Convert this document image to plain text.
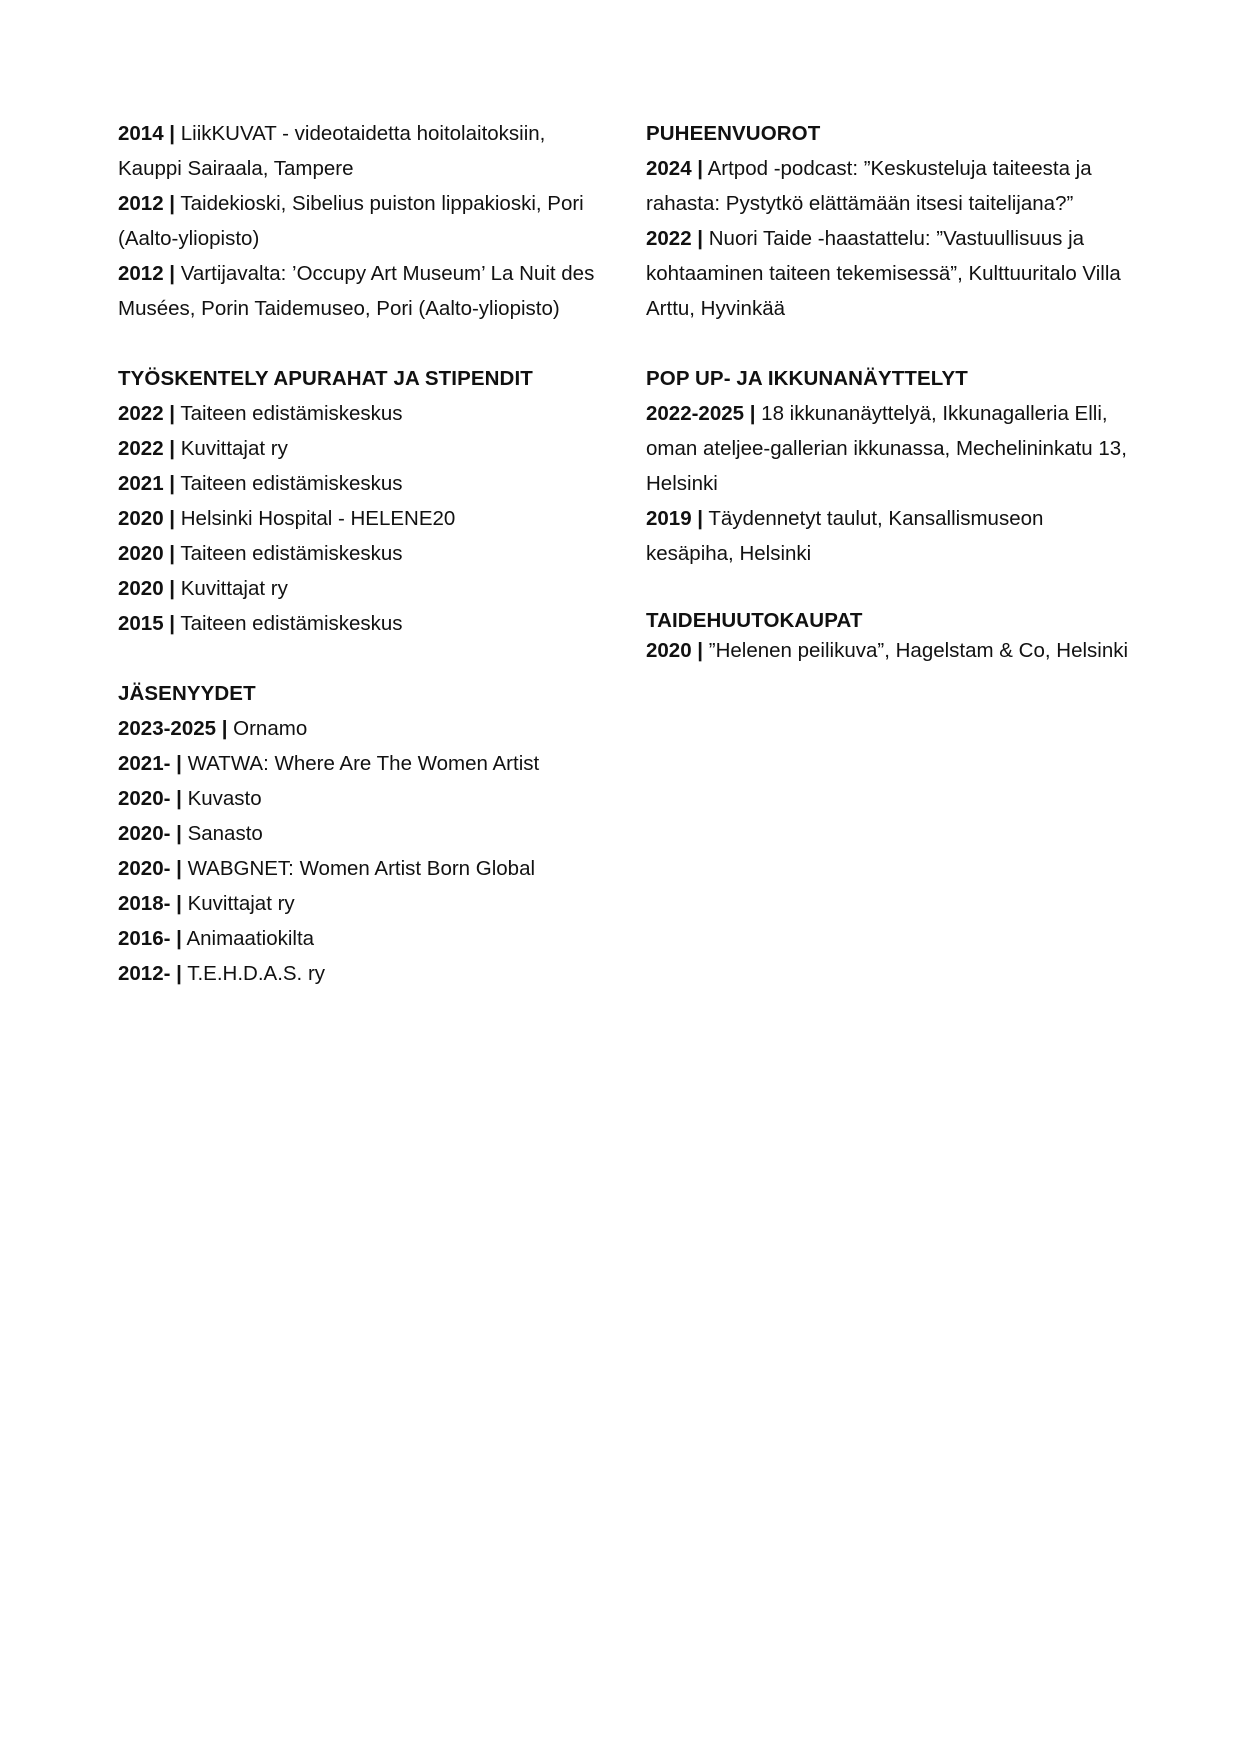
2014 | LiikKUVAT - videotaidetta hoitolaitoksiin, Kauppi Sairaala, Tampere

2012 | Taidekioski, Sibelius puiston lippakioski, Pori (Aalto-yliopisto)

2012 | Vartijavalta: ’Occupy Art Museum’ La Nuit des Musées, Porin Taidemuseo, Pori (Aalto-yliopisto)

TYÖSKENTELY APURAHAT JA STIPENDIT

2022 | Taiteen edistämiskeskus

2022 | Kuvittajat ry

2021 | Taiteen edistämiskeskus

2020 | Helsinki Hospital - HELENE20

2020 | Taiteen edistämiskeskus

2020 | Kuvittajat ry

2015 | Taiteen edistämiskeskus

JÄSENYYDET

2023-2025 | Ornamo

2021- | WATWA: Where Are The Women Artist

2020- | Kuvasto

2020- | Sanasto

2020- | WABGNET: Women Artist Born Global

2018- | Kuvittajat ry

2016- | Animaatiokilta

2012- | T.E.H.D.A.S. ry

PUHEENVUOROT

2024 | Artpod -podcast: ”Keskusteluja taiteesta ja rahasta: Pystytkö elättämään itsesi taitelijana?”

2022 | Nuori Taide -haastattelu: ”Vastuullisuus ja kohtaaminen taiteen tekemisessä”, Kulttuuritalo Villa Arttu, Hyvinkää

POP UP- JA IKKUNANÄYTTELYT

2022-2025 | 18 ikkunanäyttelyä, Ikkunagalleria Elli, oman ateljee-gallerian ikkunassa, Mechelininkatu 13, Helsinki

2019 | Täydennetyt taulut, Kansallismuseon kesäpiha, Helsinki

TAIDEHUUTOKAUPAT

2020 | ”Helenen peilikuva”, Hagelstam & Co, Helsinki
